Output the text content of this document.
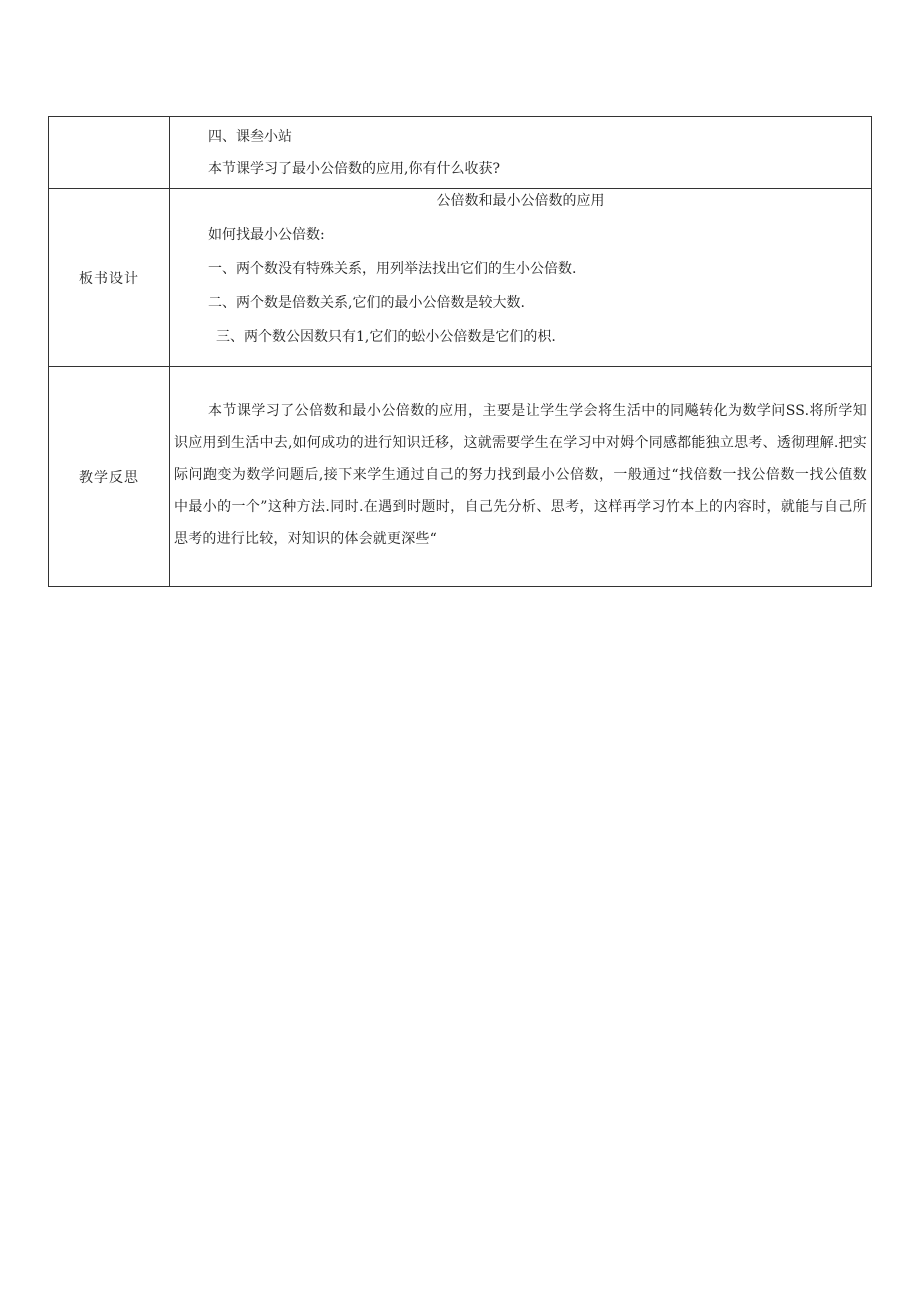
	四、课叁小站

本节课学习了最小公倍数的应用,你有什么收获?

板书设计	公倍数和最小公倍数的应用

如何找最小公倍数:

一、两个数没有特殊关系，用列举法找出它们的生小公倍数.

二、两个数是倍数关系,它们的最小公倍数是较大数.

三、两个数公因数只有1,它们的蚣小公倍数是它们的枳.

教学反思	本节课学习了公倍数和最小公倍数的应用，主要是让学生学会将生活中的同飚转化为数学问SS.将所学知识应用到生活中去,如何成功的进行知识迁移，这就需要学生在学习中对姆个同感都能独立思考、透彻理解.把实际问跑变为数学问题后,接下来学生通过自己的努力找到最小公倍数，一般通过“找倍数一找公倍数一找公值数中最小的一个”这种方法.同时.在遇到时题时，自己先分析、思考，这样再学习竹本上的内容时，就能与自己所思考的进行比较，对知识的体会就更深些“
